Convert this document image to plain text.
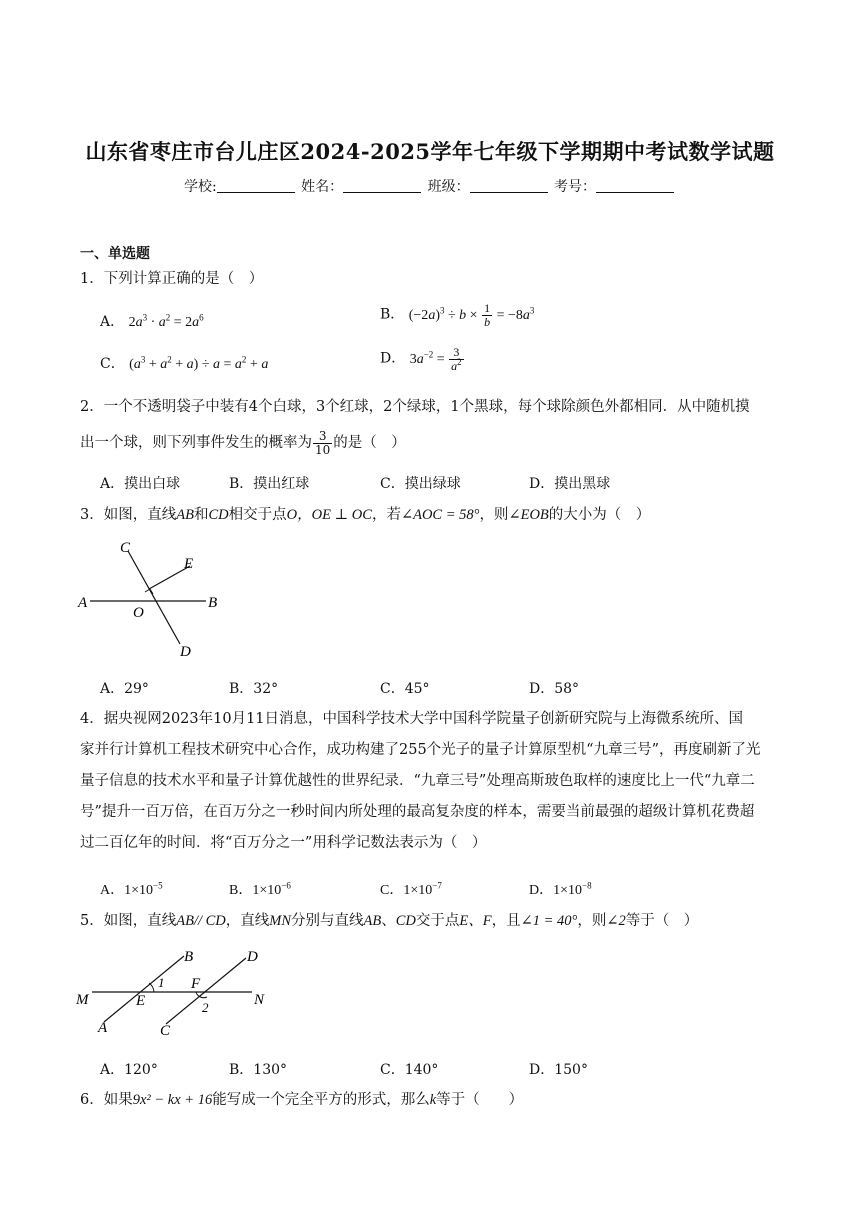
山东省枣庄市台儿庄区2024-2025学年七年级下学期期中考试数学试题
学校:	姓名：	班级：	考号：
一、单选题
1．下列计算正确的是（　）
A． $2a^3 \cdot a^2 = 2a^6$	B． $(-2a)^3 \div b \times \frac{1}{b} = -8a^3$
C． $(a^3 + a^2 + a) \div a = a^2 + a$	D． $3a^{-2} = \frac{3}{a^2}$
2．一个不透明袋子中装有4个白球，3个红球，2个绿球，1个黑球，每个球除颜色外都相同．从中随机摸
出一个球，则下列事件发生的概率为 $\frac{3}{10}$ 的是（　）
A．摸出白球	B．摸出红球	C．摸出绿球	D．摸出黑球
3．如图，直线AB和CD相交于点O，OE ⊥ OC，若∠AOC = 58°，则∠EOB的大小为（　）
A	B
C
D
E
O
A．29°	B．32°	C．45°	D．58°
4．据央视网2023年10月11日消息，中国科学技术大学中国科学院量子创新研究院与上海微系统所、国
家并行计算机工程技术研究中心合作，成功构建了255个光子的量子计算原型机“九章三号”，再度刷新了光
量子信息的技术水平和量子计算优越性的世界纪录．“九章三号”处理高斯玻色取样的速度比上一代“九章二
号”提升一百万倍，在百万分之一秒时间内所处理的最高复杂度的样本，需要当前最强的超级计算机花费超
过二百亿年的时间．将“百万分之一”用科学记数法表示为（　）
A．$1\times 10^{-5}$	B．$1\times 10^{-6}$	C．$1\times 10^{-7}$	D．$1\times 10^{-8}$
5．如图，直线AB// CD，直线MN分别与直线AB、CD交于点E、F，且∠1 = 40°，则∠2等于（　）
M	N
A
B
C
D
E
F
1
2
A．120°	B．130°	C．140°	D．150°
6．如果9x² − kx + 16能写成一个完全平方的形式，那么k等于（　　）
